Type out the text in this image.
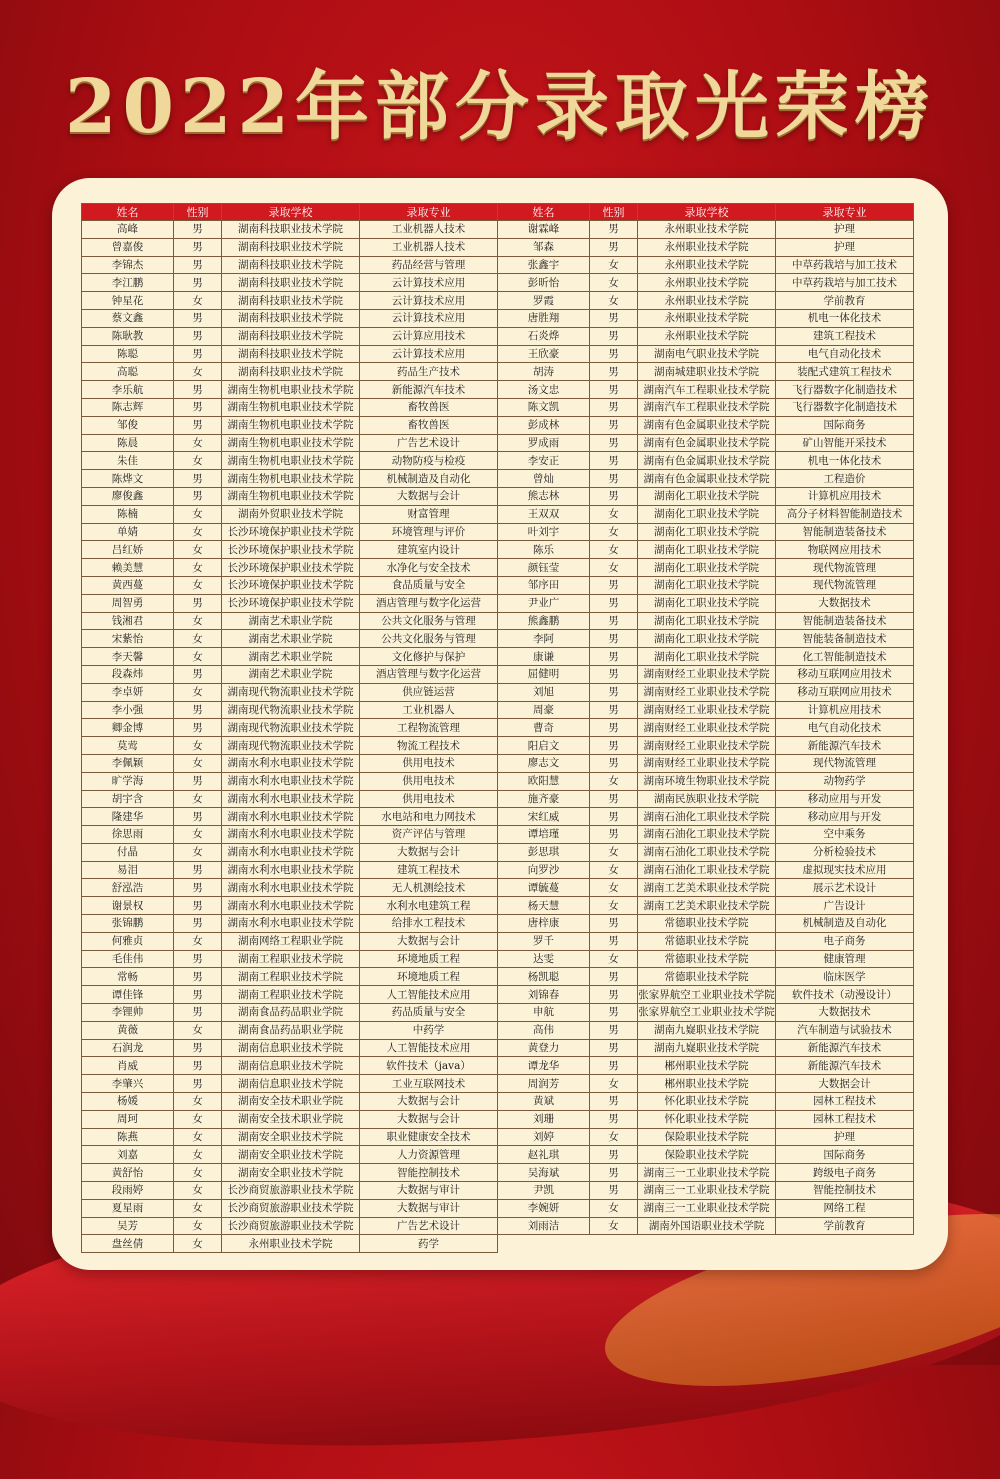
2022年部分录取光荣榜
姓名	性别	录取学校	录取专业	姓名	性别	录取学校	录取专业
高峰	男	湖南科技职业技术学院	工业机器人技术	谢霖峰	男	永州职业技术学院	护理
曾嘉俊	男	湖南科技职业技术学院	工业机器人技术	邹森	男	永州职业技术学院	护理
李锦杰	男	湖南科技职业技术学院	药品经营与管理	张鑫宇	女	永州职业技术学院	中草药栽培与加工技术
李江鹏	男	湖南科技职业技术学院	云计算技术应用	彭昕怡	女	永州职业技术学院	中草药栽培与加工技术
钟星花	女	湖南科技职业技术学院	云计算技术应用	罗霞	女	永州职业技术学院	学前教育
蔡文鑫	男	湖南科技职业技术学院	云计算技术应用	唐胜翔	男	永州职业技术学院	机电一体化技术
陈耿教	男	湖南科技职业技术学院	云计算应用技术	石炎烨	男	永州职业技术学院	建筑工程技术
陈聪	男	湖南科技职业技术学院	云计算技术应用	王欣豪	男	湖南电气职业技术学院	电气自动化技术
高聪	女	湖南科技职业技术学院	药品生产技术	胡涛	男	湖南城建职业技术学院	装配式建筑工程技术
李乐航	男	湖南生物机电职业技术学院	新能源汽车技术	汤文忠	男	湖南汽车工程职业技术学院	飞行器数字化制造技术
陈志辉	男	湖南生物机电职业技术学院	畜牧兽医	陈文凯	男	湖南汽车工程职业技术学院	飞行器数字化制造技术
邹俊	男	湖南生物机电职业技术学院	畜牧兽医	彭成林	男	湖南有色金属职业技术学院	国际商务
陈晨	女	湖南生物机电职业技术学院	广告艺术设计	罗成雨	男	湖南有色金属职业技术学院	矿山智能开采技术
朱佳	女	湖南生物机电职业技术学院	动物防疫与检疫	李安正	男	湖南有色金属职业技术学院	机电一体化技术
陈烨文	男	湖南生物机电职业技术学院	机械制造及自动化	曾灿	男	湖南有色金属职业技术学院	工程造价
廖俊鑫	男	湖南生物机电职业技术学院	大数据与会计	熊志林	男	湖南化工职业技术学院	计算机应用技术
陈楠	女	湖南外贸职业技术学院	财富管理	王双双	女	湖南化工职业技术学院	高分子材料智能制造技术
单婧	女	长沙环境保护职业技术学院	环境管理与评价	叶刘宇	女	湖南化工职业技术学院	智能制造装备技术
吕红娇	女	长沙环境保护职业技术学院	建筑室内设计	陈乐	女	湖南化工职业技术学院	物联网应用技术
赖美慧	女	长沙环境保护职业技术学院	水净化与安全技术	颜钰莹	女	湖南化工职业技术学院	现代物流管理
黄西蔓	女	长沙环境保护职业技术学院	食品质量与安全	邹序田	男	湖南化工职业技术学院	现代物流管理
周智勇	男	长沙环境保护职业技术学院	酒店管理与数字化运营	尹业广	男	湖南化工职业技术学院	大数据技术
钱湘君	女	湖南艺术职业学院	公共文化服务与管理	熊鑫鹏	男	湖南化工职业技术学院	智能制造装备技术
宋紫怡	女	湖南艺术职业学院	公共文化服务与管理	李阿	男	湖南化工职业技术学院	智能装备制造技术
李天馨	女	湖南艺术职业学院	文化修护与保护	康谦	男	湖南化工职业技术学院	化工智能制造技术
段森炜	男	湖南艺术职业学院	酒店管理与数字化运营	屈健明	男	湖南财经工业职业技术学院	移动互联网应用技术
李卓妍	女	湖南现代物流职业技术学院	供应链运营	刘旭	男	湖南财经工业职业技术学院	移动互联网应用技术
李小强	男	湖南现代物流职业技术学院	工业机器人	周豪	男	湖南财经工业职业技术学院	计算机应用技术
卿金博	男	湖南现代物流职业技术学院	工程物流管理	曹奇	男	湖南财经工业职业技术学院	电气自动化技术
莫莺	女	湖南现代物流职业技术学院	物流工程技术	阳启文	男	湖南财经工业职业技术学院	新能源汽车技术
李佩颖	女	湖南水利水电职业技术学院	供用电技术	廖志文	男	湖南财经工业职业技术学院	现代物流管理
旷学海	男	湖南水利水电职业技术学院	供用电技术	欧阳慧	女	湖南环境生物职业技术学院	动物药学
胡宇含	女	湖南水利水电职业技术学院	供用电技术	施齐豪	男	湖南民族职业技术学院	移动应用与开发
隆建华	男	湖南水利水电职业技术学院	水电站和电力网技术	宋红威	男	湖南石油化工职业技术学院	移动应用与开发
徐思雨	女	湖南水利水电职业技术学院	资产评估与管理	谭培瑾	男	湖南石油化工职业技术学院	空中乘务
付晶	女	湖南水利水电职业技术学院	大数据与会计	彭思琪	女	湖南石油化工职业技术学院	分析检验技术
易泪	男	湖南水利水电职业技术学院	建筑工程技术	向罗沙	女	湖南石油化工职业技术学院	虚拟现实技术应用
舒泓浩	男	湖南水利水电职业技术学院	无人机测绘技术	谭毓蔓	女	湖南工艺美术职业技术学院	展示艺术设计
谢景权	男	湖南水利水电职业技术学院	水利水电建筑工程	杨天慧	女	湖南工艺美术职业技术学院	广告设计
张锦鹏	男	湖南水利水电职业技术学院	给排水工程技术	唐梓康	男	常德职业技术学院	机械制造及自动化
何雅贞	女	湖南网络工程职业学院	大数据与会计	罗千	男	常德职业技术学院	电子商务
毛佳伟	男	湖南工程职业技术学院	环境地质工程	达雯	女	常德职业技术学院	健康管理
常畅	男	湖南工程职业技术学院	环境地质工程	杨凯聪	男	常德职业技术学院	临床医学
谭佳锋	男	湖南工程职业技术学院	人工智能技术应用	刘锦春	男	张家界航空工业职业技术学院	软件技术（动漫设计）
李锂帅	男	湖南食品药品职业学院	药品质量与安全	申航	男	张家界航空工业职业技术学院	大数据技术
黄薇	女	湖南食品药品职业学院	中药学	高伟	男	湖南九嶷职业技术学院	汽车制造与试验技术
石润龙	男	湖南信息职业技术学院	人工智能技术应用	黄登力	男	湖南九嶷职业技术学院	新能源汽车技术
肖威	男	湖南信息职业技术学院	软件技术（java）	谭龙华	男	郴州职业技术学院	新能源汽车技术
李肇兴	男	湖南信息职业技术学院	工业互联网技术	周润芳	女	郴州职业技术学院	大数据会计
杨媛	女	湖南安全技术职业学院	大数据与会计	黄斌	男	怀化职业技术学院	园林工程技术
周珂	女	湖南安全技术职业学院	大数据与会计	刘珊	男	怀化职业技术学院	园林工程技术
陈燕	女	湖南安全职业技术学院	职业健康安全技术	刘婷	女	保险职业技术学院	护理
刘嘉	女	湖南安全职业技术学院	人力资源管理	赵礼琪	男	保险职业技术学院	国际商务
黄舒怡	女	湖南安全职业技术学院	智能控制技术	吴海斌	男	湖南三一工业职业技术学院	跨级电子商务
段雨婷	女	长沙商贸旅游职业技术学院	大数据与审计	尹凯	男	湖南三一工业职业技术学院	智能控制技术
夏星雨	女	长沙商贸旅游职业技术学院	大数据与审计	李婉妍	女	湖南三一工业职业技术学院	网络工程
吴芳	女	长沙商贸旅游职业技术学院	广告艺术设计	刘雨洁	女	湖南外国语职业技术学院	学前教育
盘丝倩	女	永州职业技术学院	药学				
